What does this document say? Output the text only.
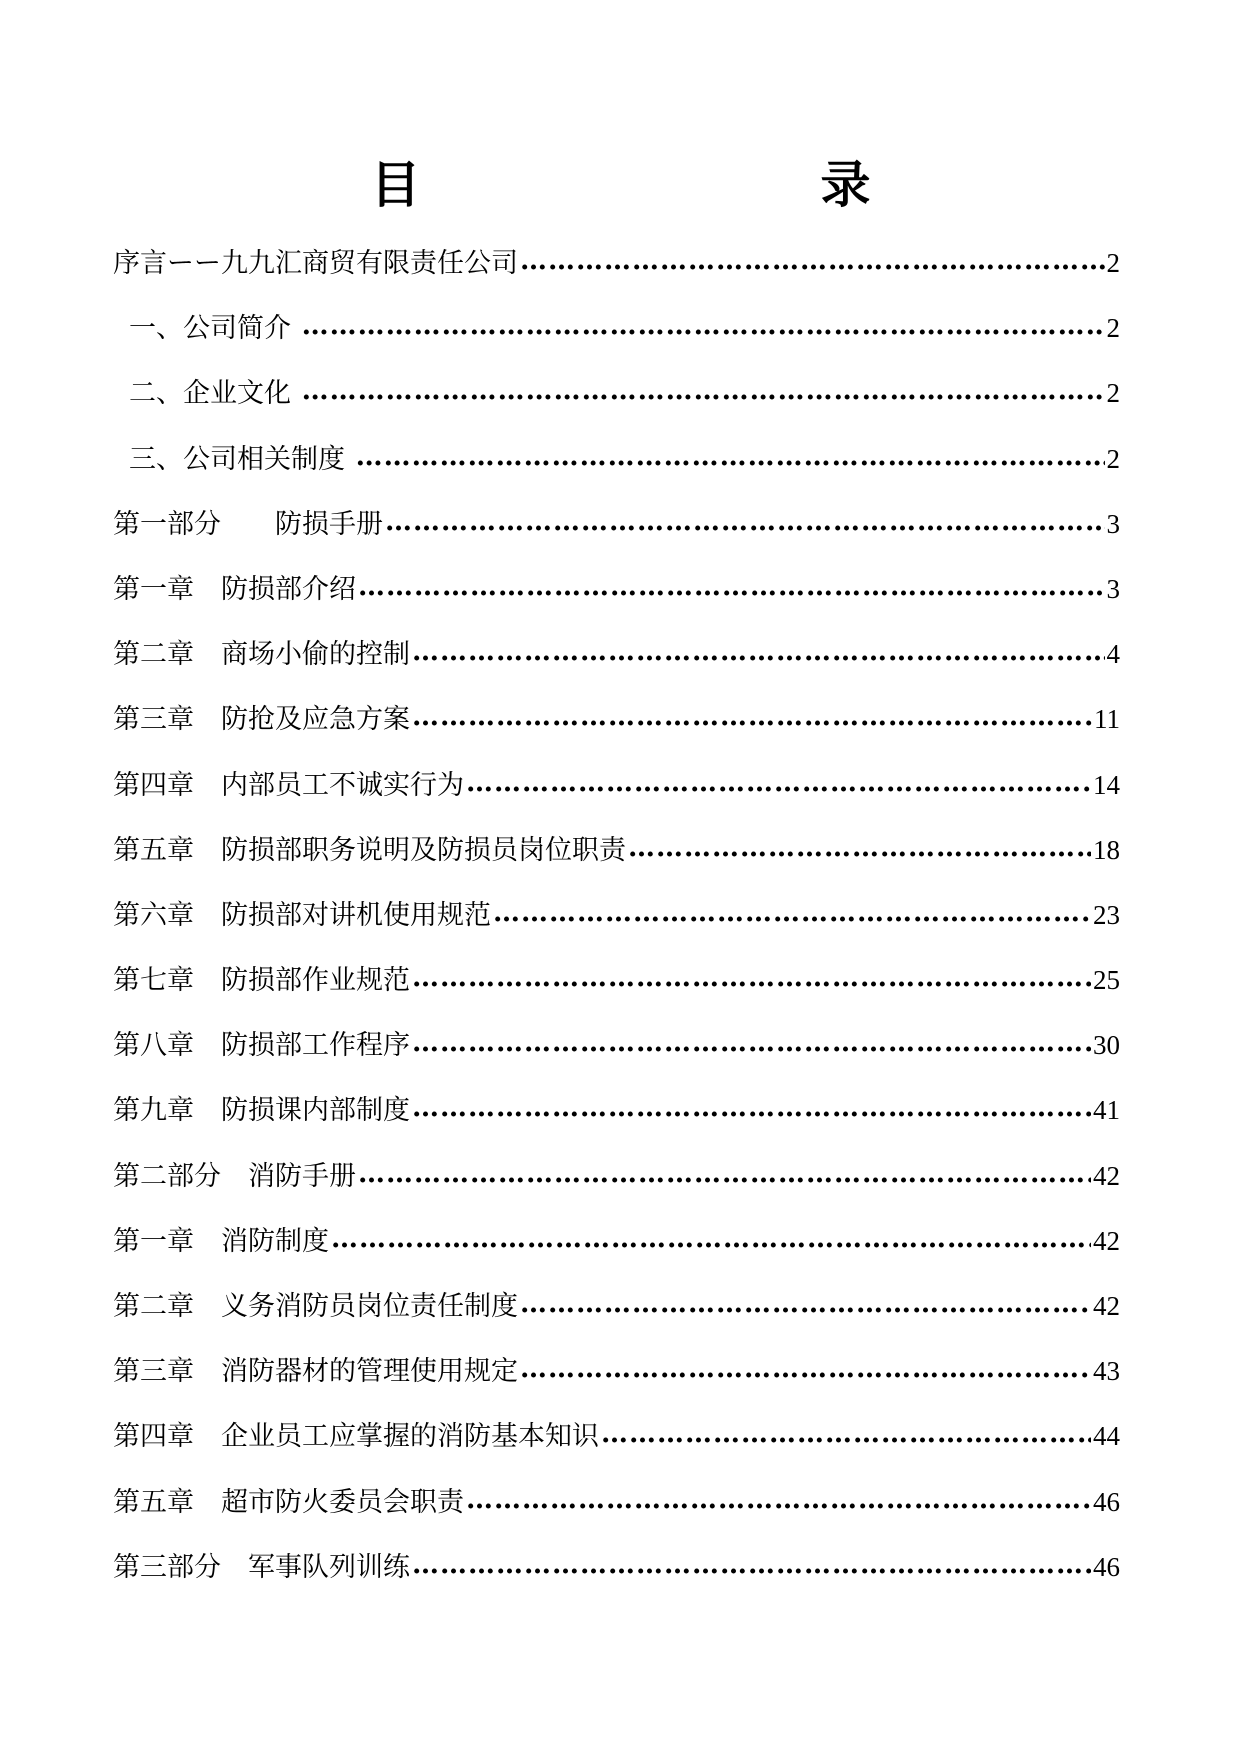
目　　录
序言ーー九九汇商贸有限责任公司 ………………………………………………………………………………………………………………………………………………………………………	2
一、公司简介 ………………………………………………………………………………………………………………………………………………………………………	2
二、企业文化 ………………………………………………………………………………………………………………………………………………………………………	2
三、公司相关制度 ………………………………………………………………………………………………………………………………………………………………………	2
第一部分　　防损手册 ………………………………………………………………………………………………………………………………………………………………………	3
第一章　防损部介绍 ………………………………………………………………………………………………………………………………………………………………………	3
第二章　商场小偷的控制 ………………………………………………………………………………………………………………………………………………………………………	4
第三章　防抢及应急方案 ………………………………………………………………………………………………………………………………………………………………………	11
第四章　内部员工不诚实行为 ………………………………………………………………………………………………………………………………………………………………………	14
第五章　防损部职务说明及防损员岗位职责 ………………………………………………………………………………………………………………………………………………………………………	18
第六章　防损部对讲机使用规范 ………………………………………………………………………………………………………………………………………………………………………	23
第七章　防损部作业规范 ………………………………………………………………………………………………………………………………………………………………………	25
第八章　防损部工作程序 ………………………………………………………………………………………………………………………………………………………………………	30
第九章　防损课内部制度 ………………………………………………………………………………………………………………………………………………………………………	41
第二部分　消防手册 ………………………………………………………………………………………………………………………………………………………………………	42
第一章　消防制度 ………………………………………………………………………………………………………………………………………………………………………	42
第二章　义务消防员岗位责任制度 ………………………………………………………………………………………………………………………………………………………………………	42
第三章　消防器材的管理使用规定 ………………………………………………………………………………………………………………………………………………………………………	43
第四章　企业员工应掌握的消防基本知识 ………………………………………………………………………………………………………………………………………………………………………	44
第五章　超市防火委员会职责 ………………………………………………………………………………………………………………………………………………………………………	46
第三部分　军事队列训练 ………………………………………………………………………………………………………………………………………………………………………	46
